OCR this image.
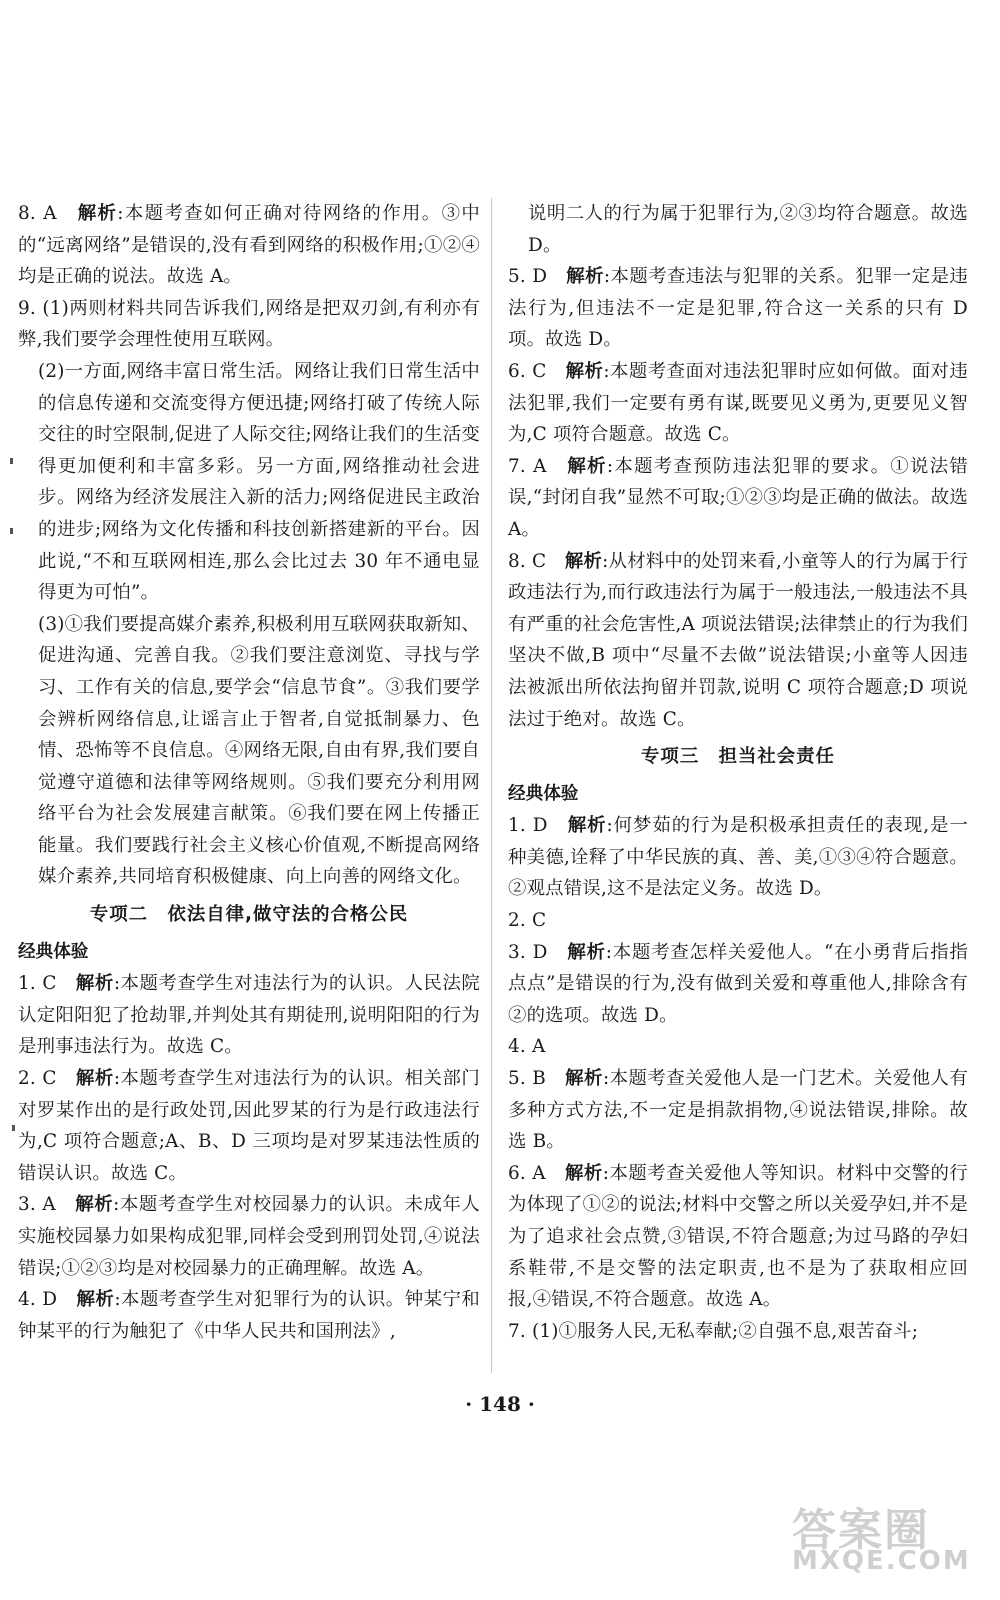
8. A　 解析:本题考查如何正确对待网络的作用。③中的“远离网络”是错误的,没有看到网络的积极作用;①②④均是正确的说法。故选 A。

9. (1)两则材料共同告诉我们,网络是把双刃剑,有利亦有弊,我们要学会理性使用互联网。

(2)一方面,网络丰富日常生活。网络让我们日常生活中的信息传递和交流变得方便迅捷;网络打破了传统人际交往的时空限制,促进了人际交往;网络让我们的生活变得更加便利和丰富多彩。另一方面,网络推动社会进步。网络为经济发展注入新的活力;网络促进民主政治的进步;网络为文化传播和科技创新搭建新的平台。因此说,“不和互联网相连,那么会比过去 30 年不通电显得更为可怕”。

(3)①我们要提高媒介素养,积极利用互联网获取新知、促进沟通、完善自我。②我们要注意浏览、寻找与学习、工作有关的信息,要学会“信息节食”。③我们要学会辨析网络信息,让谣言止于智者,自觉抵制暴力、色情、恐怖等不良信息。④网络无限,自由有界,我们要自觉遵守道德和法律等网络规则。⑤我们要充分利用网络平台为社会发展建言献策。⑥我们要在网上传播正能量。我们要践行社会主义核心价值观,不断提高网络媒介素养,共同培育积极健康、向上向善的网络文化。

专项二　依法自律,做守法的合格公民
经典体验

1. C　 解析:本题考查学生对违法行为的认识。人民法院认定阳阳犯了抢劫罪,并判处其有期徒刑,说明阳阳的行为是刑事违法行为。故选 C。

2. C　 解析:本题考查学生对违法行为的认识。相关部门对罗某作出的是行政处罚,因此罗某的行为是行政违法行为,C 项符合题意;A、B、D 三项均是对罗某违法性质的错误认识。故选 C。

3. A　 解析:本题考查学生对校园暴力的认识。未成年人实施校园暴力如果构成犯罪,同样会受到刑罚处罚,④说法错误;①②③均是对校园暴力的正确理解。故选 A。

4. D　 解析:本题考查学生对犯罪行为的认识。钟某宁和钟某平的行为触犯了《中华人民共和国刑法》,

说明二人的行为属于犯罪行为,②③均符合题意。故选 D。

5. D　 解析:本题考查违法与犯罪的关系。犯罪一定是违法行为,但违法不一定是犯罪,符合这一关系的只有 D 项。故选 D。

6. C　 解析:本题考查面对违法犯罪时应如何做。面对违法犯罪,我们一定要有勇有谋,既要见义勇为,更要见义智为,C 项符合题意。故选 C。

7. A　 解析:本题考查预防违法犯罪的要求。①说法错误,“封闭自我”显然不可取;①②③均是正确的做法。故选 A。

8. C　 解析:从材料中的处罚来看,小童等人的行为属于行政违法行为,而行政违法行为属于一般违法,一般违法不具有严重的社会危害性,A 项说法错误;法律禁止的行为我们坚决不做,B 项中“尽量不去做”说法错误;小童等人因违法被派出所依法拘留并罚款,说明 C 项符合题意;D 项说法过于绝对。故选 C。

专项三　担当社会责任
经典体验

1. D　 解析:何梦茹的行为是积极承担责任的表现,是一种美德,诠释了中华民族的真、善、美,①③④符合题意。②观点错误,这不是法定义务。故选 D。

2. C

3. D　 解析:本题考查怎样关爱他人。“在小勇背后指指点点”是错误的行为,没有做到关爱和尊重他人,排除含有②的选项。故选 D。

4. A

5. B　 解析:本题考查关爱他人是一门艺术。关爱他人有多种方式方法,不一定是捐款捐物,④说法错误,排除。故选 B。

6. A　 解析:本题考查关爱他人等知识。材料中交警的行为体现了①②的说法;材料中交警之所以关爱孕妇,并不是为了追求社会点赞,③错误,不符合题意;为过马路的孕妇系鞋带,不是交警的法定职责,也不是为了获取相应回报,④错误,不符合题意。故选 A。

7. (1)①服务人民,无私奉献;②自强不息,艰苦奋斗;

· 148 ·
答案圈
MXQE.COM
